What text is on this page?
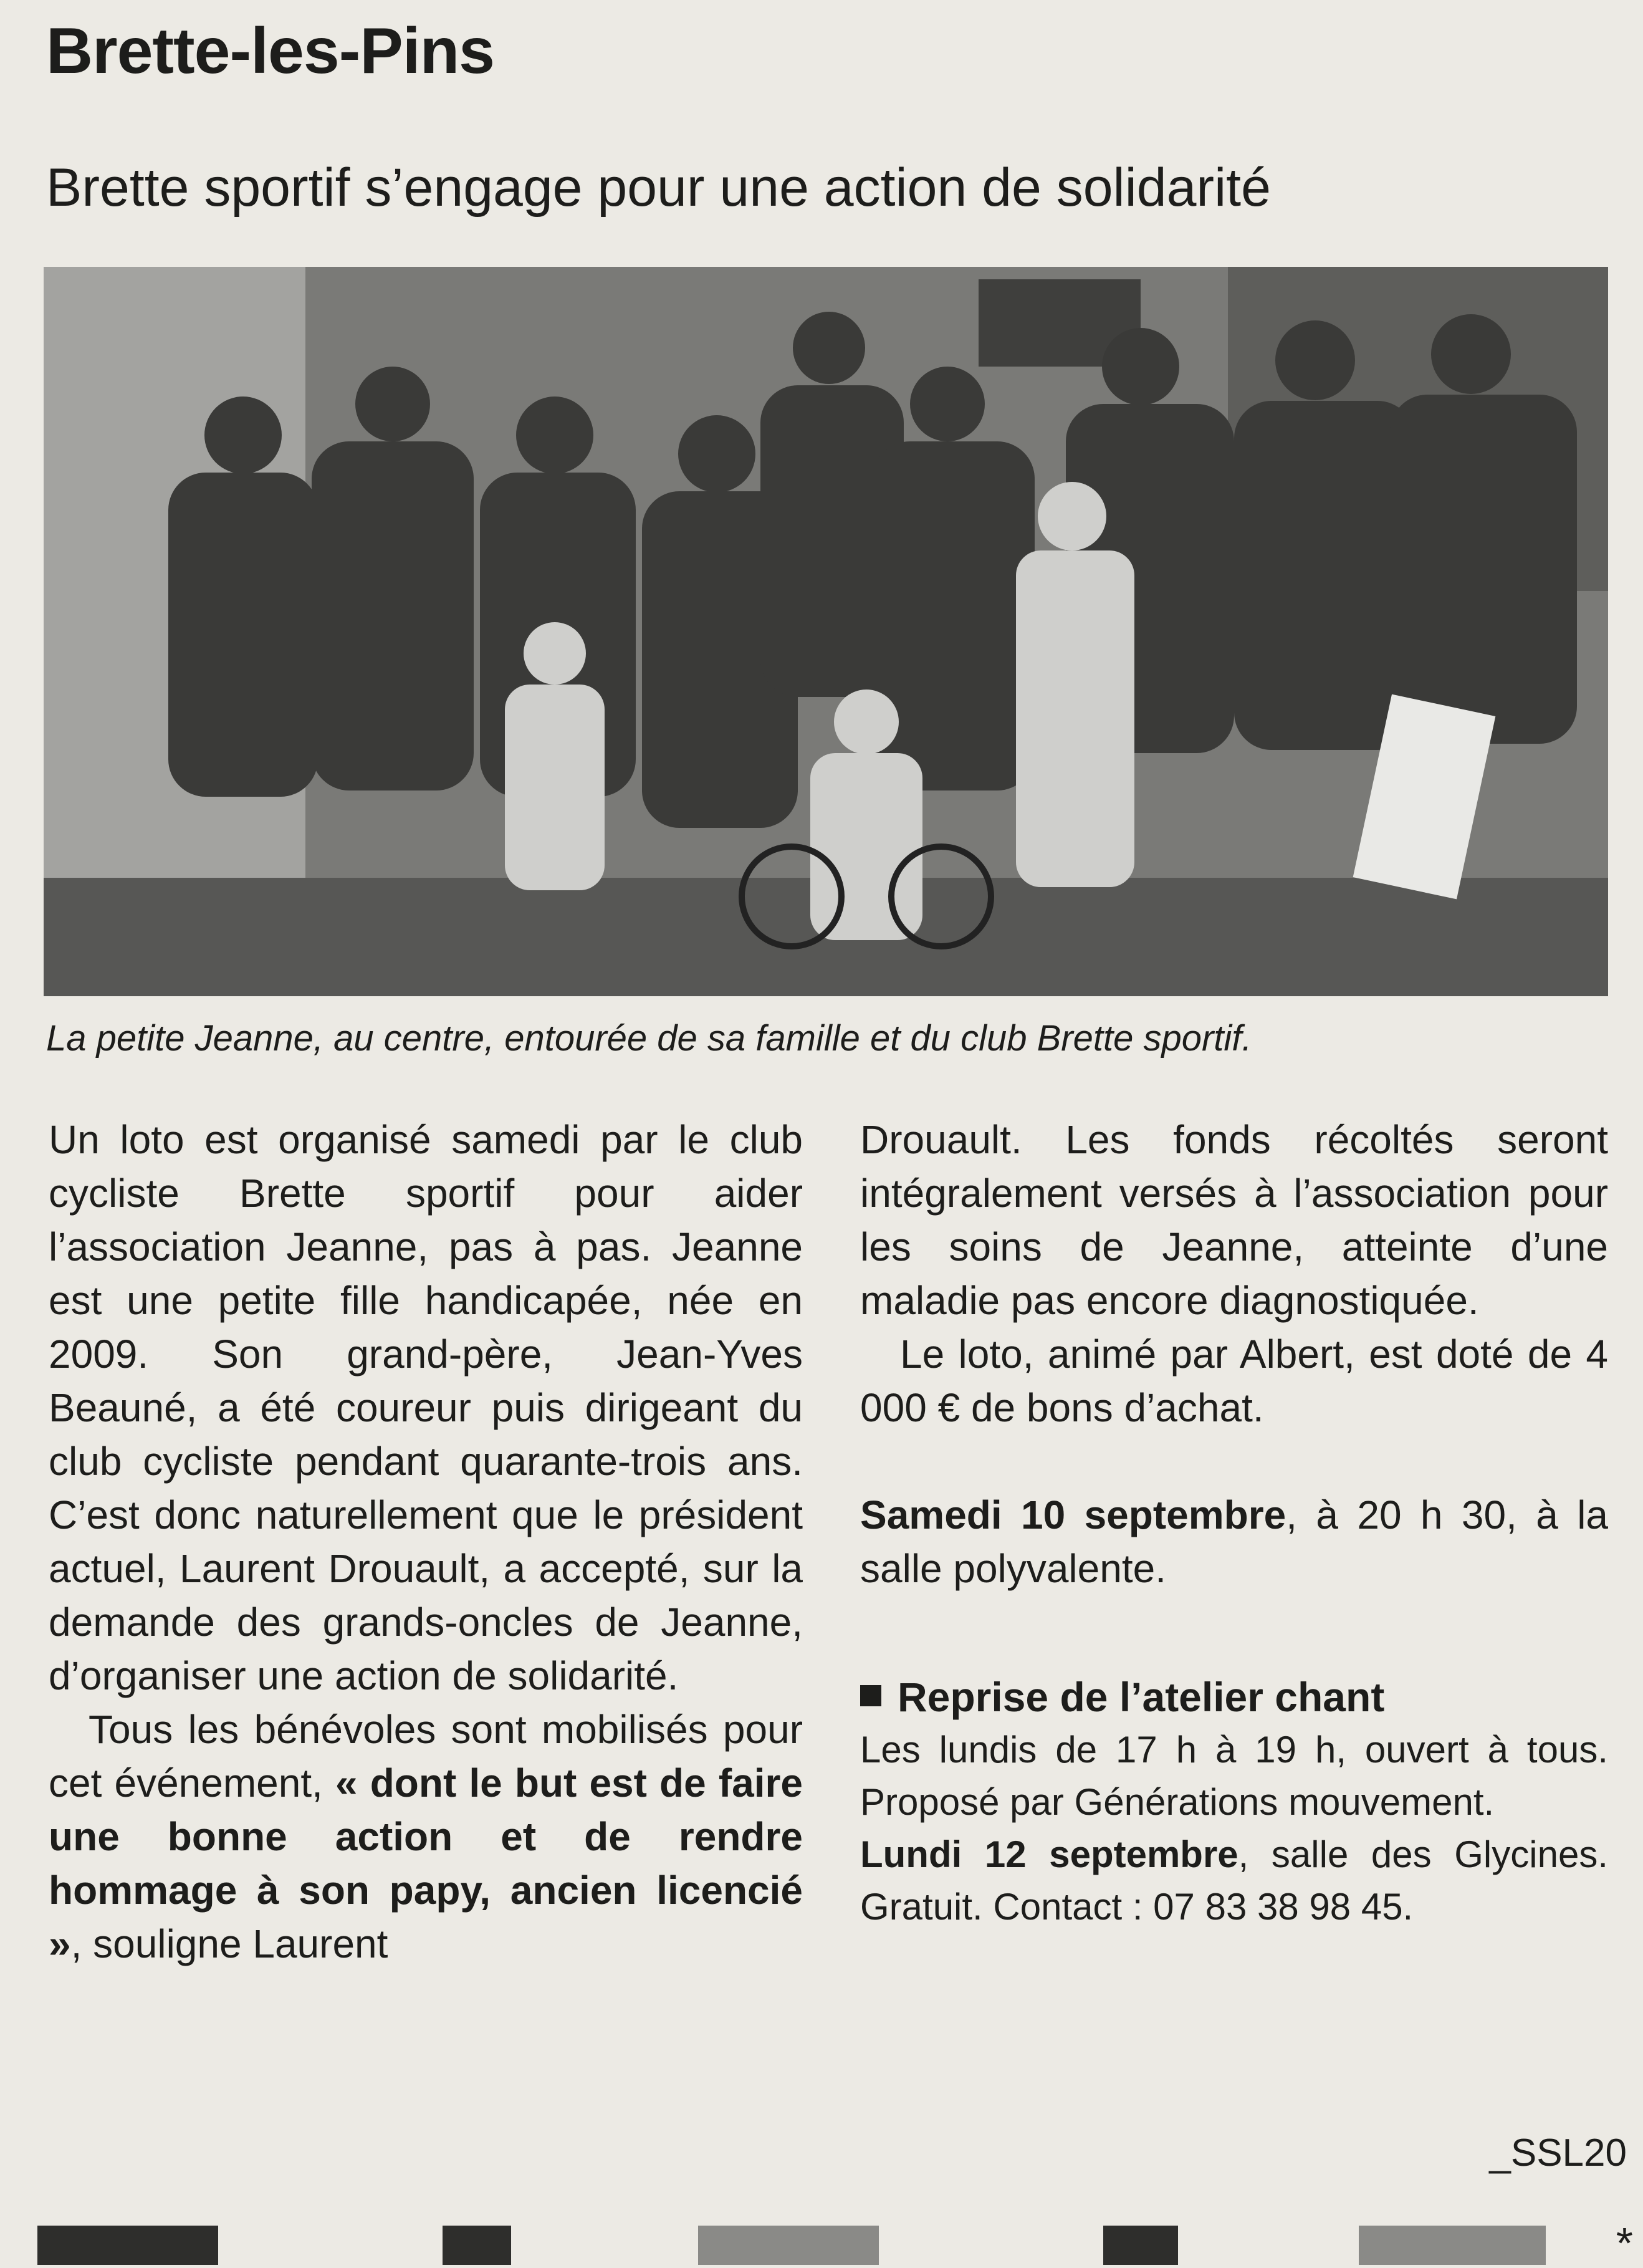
Brette-les-Pins
Brette sportif s’engage pour une action de solidarité
La petite Jeanne, au centre, entourée de sa famille et du club Brette sportif.

Un loto est organisé samedi par le club cycliste Brette sportif pour aider l’association Jeanne, pas à pas. Jeanne est une petite fille handicapée, née en 2009. Son grand-père, Jean-Yves Beauné, a été coureur puis dirigeant du club cycliste pendant quarante-trois ans. C’est donc naturellement que le président actuel, Laurent Drouault, a accepté, sur la demande des grands-oncles de Jeanne, d’organiser une action de solidarité.

Tous les bénévoles sont mobilisés pour cet événement, « dont le but est de faire une bonne action et de rendre hommage à son papy, ancien licencié », souligne Laurent

Drouault. Les fonds récoltés seront intégralement versés à l’association pour les soins de Jeanne, atteinte d’une maladie pas encore diagnostiquée.

Le loto, animé par Albert, est doté de 4 000 € de bons d’achat.

Samedi 10 septembre, à 20 h 30, à la salle polyvalente.

Reprise de l’atelier chant

Les lundis de 17 h à 19 h, ouvert à tous. Proposé par Générations mouvement.

Lundi 12 septembre, salle des Glycines. Gratuit. Contact : 07 83 38 98 45.

_SSL20
*
